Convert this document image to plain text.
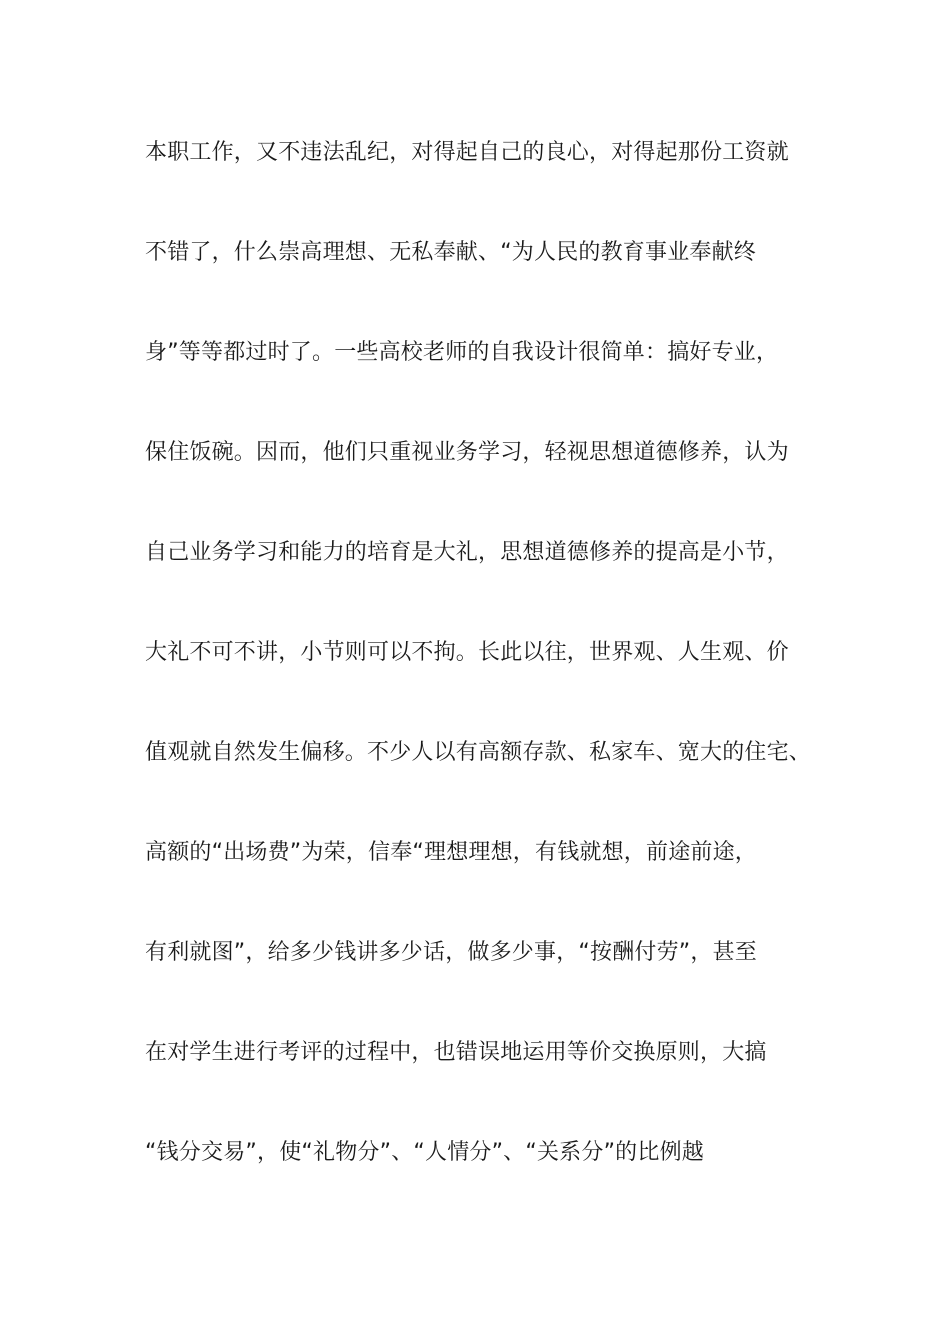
本职工作，又不违法乱纪，对得起自己的良心，对得起那份工资就
不错了，什么崇高理想、无私奉献、“为人民的教育事业奉献终
身”等等都过时了。一些高校老师的自我设计很简单：搞好专业，
保住饭碗。因而，他们只重视业务学习，轻视思想道德修养，认为
自己业务学习和能力的培育是大礼，思想道德修养的提高是小节，
大礼不可不讲，小节则可以不拘。长此以往，世界观、人生观、价
值观就自然发生偏移。不少人以有高额存款、私家车、宽大的住宅、
高额的“出场费”为荣，信奉“理想理想，有钱就想，前途前途，
有利就图”，给多少钱讲多少话，做多少事，“按酬付劳”，甚至
在对学生进行考评的过程中，也错误地运用等价交换原则，大搞
“钱分交易”，使“礼物分”、“人情分”、“关系分”的比例越
